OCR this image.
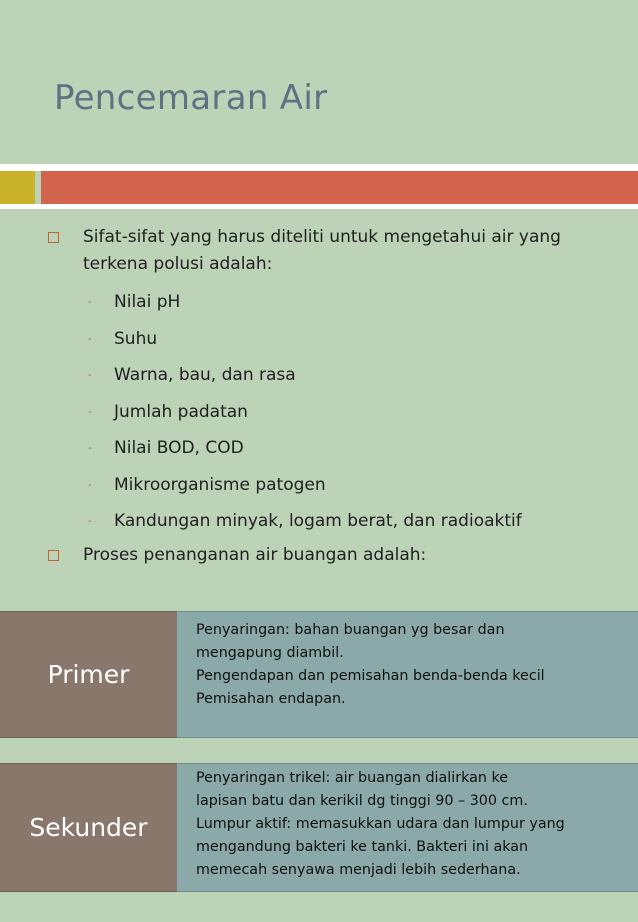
Pencemaran Air
Sifat-sifat yang harus diteliti untuk mengetahui air yang
terkena polusi adalah:
-	Nilai pH
-	Suhu
-	Warna, bau, dan rasa
-	Jumlah padatan
-	Nilai BOD, COD
-	Mikroorganisme patogen
-	Kandungan minyak, logam berat, dan radioaktif
Proses penanganan air buangan adalah:
Primer
Penyaringan: bahan buangan yg besar dan
mengapung diambil.
Pengendapan dan pemisahan benda-benda kecil
Pemisahan endapan.
Sekunder
Penyaringan trikel: air buangan dialirkan ke
lapisan batu dan kerikil dg tinggi 90 – 300 cm.
Lumpur aktif: memasukkan udara dan lumpur yang
mengandung bakteri ke tanki. Bakteri ini akan
memecah senyawa menjadi lebih sederhana.
